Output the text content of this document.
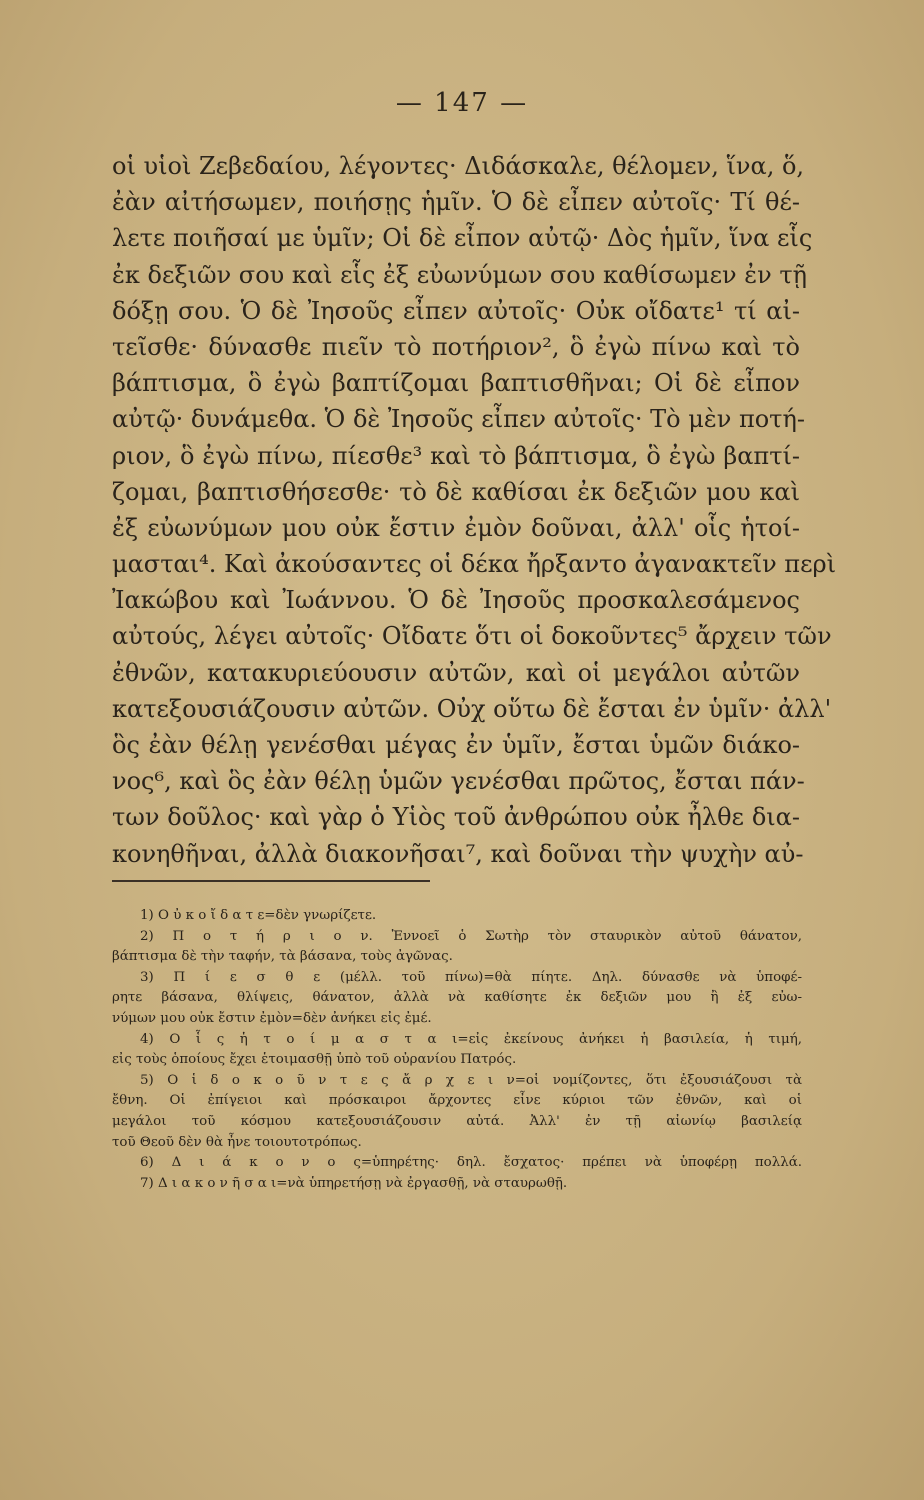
— 147 —
οἱ υἱοὶ Ζεβεδαίου, λέγοντες· Διδάσκαλε, θέλομεν, ἵνα, ὅ,
ἐὰν αἰτήσωμεν, ποιήσῃς ἡμῖν. Ὁ δὲ εἶπεν αὐτοῖς· Τί θέ-
λετε ποιῆσαί με ὑμῖν; Οἱ δὲ εἶπον αὐτῷ· Δὸς ἡμῖν, ἵνα εἷς
ἐκ δεξιῶν σου καὶ εἷς ἐξ εὐωνύμων σου καθίσωμεν ἐν τῇ
δόξῃ σου. Ὁ δὲ Ἰησοῦς εἶπεν αὐτοῖς· Οὐκ οἴδατε¹ τί αἰ-
τεῖσθε· δύνασθε πιεῖν τὸ ποτήριον², ὃ ἐγὼ πίνω καὶ τὸ
βάπτισμα, ὃ ἐγὼ βαπτίζομαι βαπτισθῆναι; Οἱ δὲ εἶπον
αὐτῷ· δυνάμεθα. Ὁ δὲ Ἰησοῦς εἶπεν αὐτοῖς· Τὸ μὲν ποτή-
ριον, ὃ ἐγὼ πίνω, πίεσθε³ καὶ τὸ βάπτισμα, ὃ ἐγὼ βαπτί-
ζομαι, βαπτισθήσεσθε· τὸ δὲ καθίσαι ἐκ δεξιῶν μου καὶ
ἐξ εὐωνύμων μου οὐκ ἔστιν ἐμὸν δοῦναι, ἀλλ' οἷς ἡτοί-
μασται⁴. Καὶ ἀκούσαντες οἱ δέκα ἤρξαντο ἀγανακτεῖν περὶ
Ἰακώβου καὶ Ἰωάννου. Ὁ δὲ Ἰησοῦς προσκαλεσάμενος
αὐτούς, λέγει αὐτοῖς· Οἴδατε ὅτι οἱ δοκοῦντες⁵ ἄρχειν τῶν
ἐθνῶν, κατακυριεύουσιν αὐτῶν, καὶ οἱ μεγάλοι αὐτῶν
κατεξουσιάζουσιν αὐτῶν. Οὐχ οὕτω δὲ ἔσται ἐν ὑμῖν· ἀλλ'
ὃς ἐὰν θέλῃ γενέσθαι μέγας ἐν ὑμῖν, ἔσται ὑμῶν διάκο-
νος⁶, καὶ ὃς ἐὰν θέλῃ ὑμῶν γενέσθαι πρῶτος, ἔσται πάν-
των δοῦλος· καὶ γὰρ ὁ Υἱὸς τοῦ ἀνθρώπου οὐκ ἦλθε δια-
κονηθῆναι, ἀλλὰ διακονῆσαι⁷, καὶ δοῦναι τὴν ψυχὴν αὐ-
1) Ο ὐ κ ο ἴ δ α τ ε=δὲν γνωρίζετε.
2) Π ο τ ή ρ ι ο ν. Ἐννοεῖ ὁ Σωτὴρ τὸν σταυρικὸν αὐτοῦ θάνατον,
βάπτισμα δὲ τὴν ταφήν, τὰ βάσανα, τοὺς ἀγῶνας.
3) Π ί ε σ θ ε (μέλλ. τοῦ πίνω)=θὰ πίητε. Δηλ. δύνασθε νὰ ὑποφέ-
ρητε βάσανα, θλίψεις, θάνατον, ἀλλὰ νὰ καθίσητε ἐκ δεξιῶν μου ἢ ἐξ εὐω-
νύμων μου οὐκ ἔστιν ἐμὸν=δὲν ἀνήκει εἰς ἐμέ.
4) Ο ἷ ς ἡ τ ο ί μ α σ τ α ι=εἰς ἐκείνους ἀνήκει ἡ βασιλεία, ἡ τιμή,
εἰς τοὺς ὁποίους ἔχει ἑτοιμασθῇ ὑπὸ τοῦ οὐρανίου Πατρός.
5) Ο ἱ δ ο κ ο ῦ ν τ ε ς ἄ ρ χ ε ι ν=οἱ νομίζοντες, ὅτι ἐξουσιάζουσι τὰ
ἔθνη. Οἱ ἐπίγειοι καὶ πρόσκαιροι ἄρχοντες εἶνε κύριοι τῶν ἐθνῶν, καὶ οἱ
μεγάλοι τοῦ κόσμου κατεξουσιάζουσιν αὐτά. Ἀλλ' ἐν τῇ αἰωνίῳ βασιλείᾳ
τοῦ Θεοῦ δὲν θὰ ἦνε τοιουτοτρόπως.
6) Δ ι ά κ ο ν ο ς=ὑπηρέτης· δηλ. ἔσχατος· πρέπει νὰ ὑποφέρῃ πολλά.
7) Δ ι α κ ο ν ῆ σ α ι=νὰ ὑπηρετήσῃ νὰ ἐργασθῇ, νὰ σταυρωθῇ.
